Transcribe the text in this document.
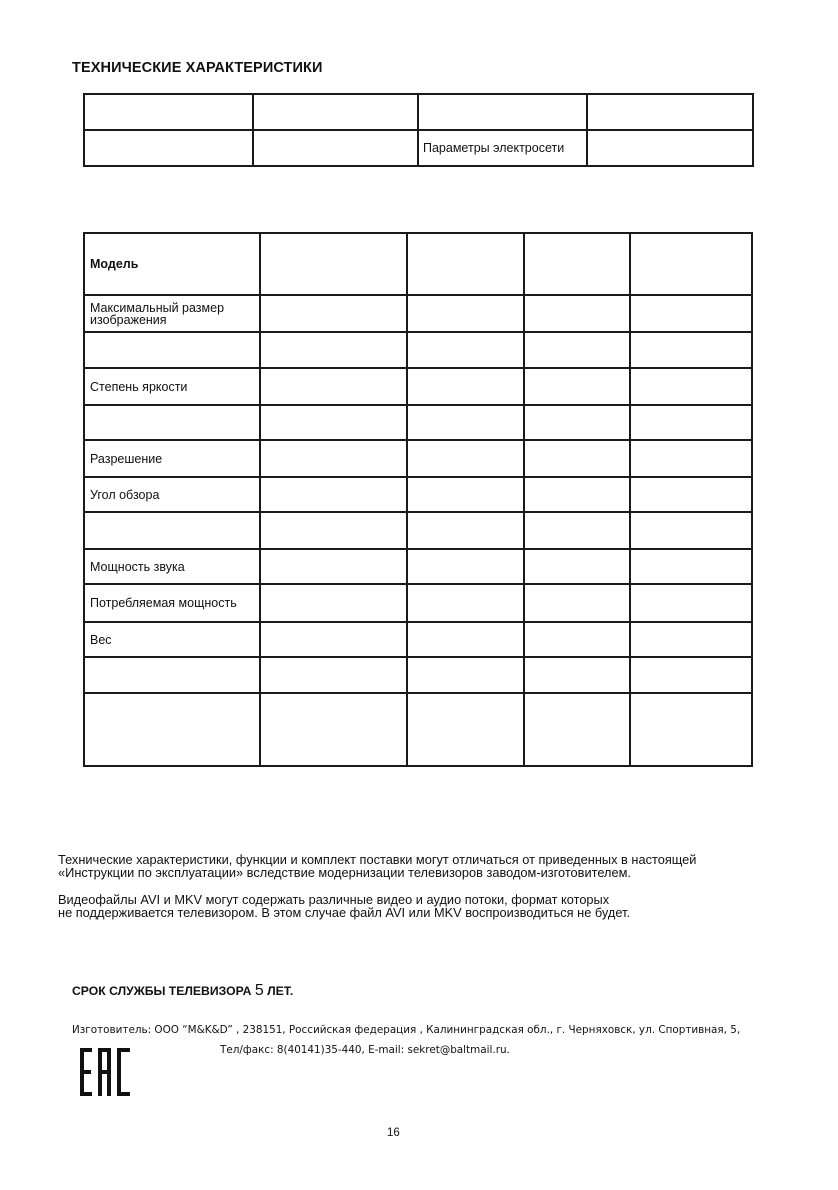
ТЕХНИЧЕСКИЕ ХАРАКТЕРИСТИКИ

		Параметры электросети	
Модель				
Максимальный размер изображения				

Степень яркости				

Разрешение				
Угол обзора				

Мощность звука				
Потребляемая мощность				
Вес				

Технические характеристики, функции и комплект поставки могут отличаться от приведенных в настоящей
«Инструкции по эксплуатации» вследствие модернизации телевизоров заводом-изготовителем.
Видеофайлы AVI и MKV могут содержать различные видео и аудио потоки, формат которых
не поддерживается телевизором. В этом случае файл AVI или MKV воспроизводиться не будет.
СРОК СЛУЖБЫ ТЕЛЕВИЗОРА 5 ЛЕТ.
Изготовитель: ООО “M&K&D” , 238151, Российская федерация , Калининградская обл., г. Черняховск, ул. Спортивная, 5,
Тел/факс: 8(40141)35-440, E-mail: sekret@baltmail.ru.
16
